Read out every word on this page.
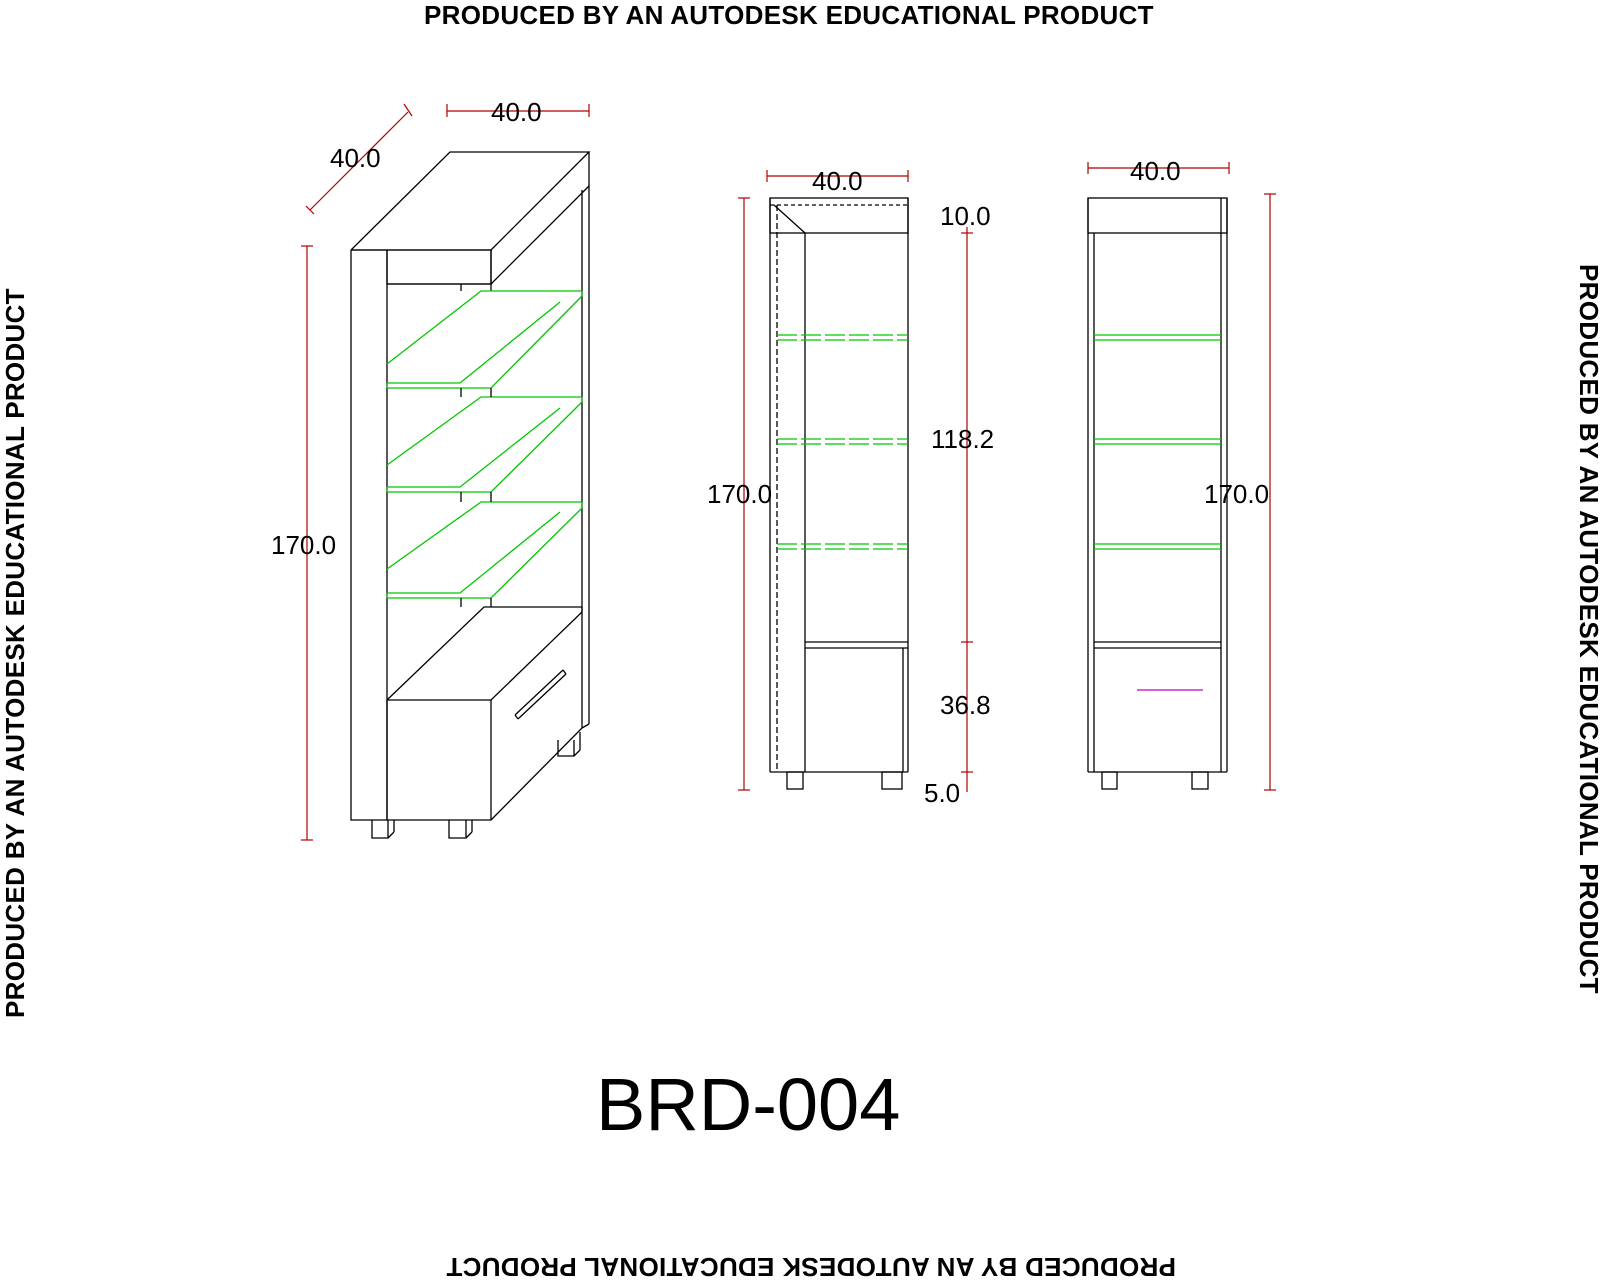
PRODUCED BY AN AUTODESK EDUCATIONAL PRODUCT
PRODUCED BY AN AUTODESK EDUCATIONAL PRODUCT
PRODUCED BY AN AUTODESK EDUCATIONAL PRODUCT	PRODUCED BY AN AUTODESK EDUCATIONAL PRODUCT
40.0
40.0
170.0
40.0
170.0
10.0
118.2
36.8
5.0
40.0
170.0
BRD-004
